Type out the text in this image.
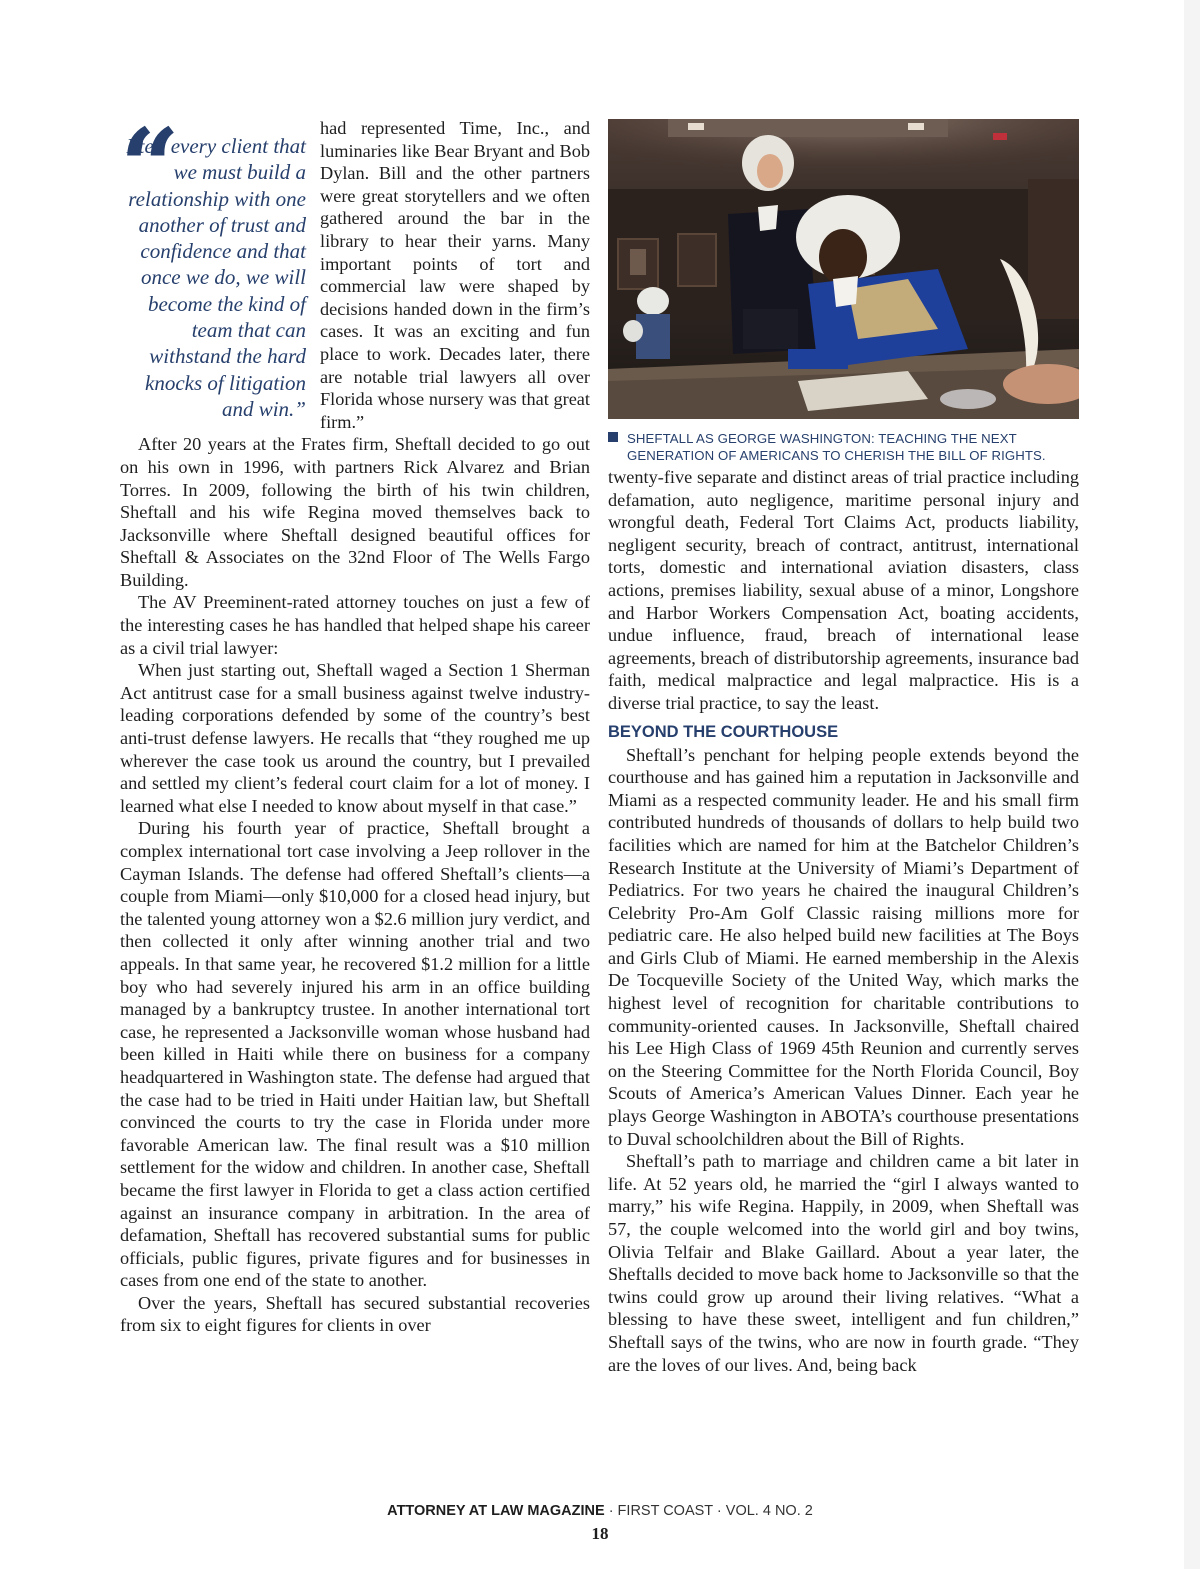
“

I tell every client that we must build a relationship with one another of trust and confidence and that once we do, we will become the kind of team that can withstand the hard knocks of litigation and win.”

had represented Time, Inc., and luminaries like Bear Bryant and Bob Dylan. Bill and the other partners were great storytellers and we often gathered around the bar in the library to hear their yarns. Many important points of tort and commercial law were shaped by decisions handed down in the firm’s cases. It was an exciting and fun place to work. Decades later, there are notable trial lawyers all over Florida whose nursery was that great firm.”

After 20 years at the Frates firm, Sheftall decided to go out on his own in 1996, with partners Rick Alvarez and Brian Torres. In 2009, following the birth of his twin children, Sheftall and his wife Regina moved themselves back to Jacksonville where Sheftall designed beautiful offices for Sheftall & Associates on the 32nd Floor of The Wells Fargo Building.

The AV Preeminent-rated attorney touches on just a few of the interesting cases he has handled that helped shape his career as a civil trial lawyer:

When just starting out, Sheftall waged a Section 1 Sherman Act antitrust case for a small business against twelve industry-leading corporations defended by some of the country’s best anti-trust defense lawyers. He recalls that “they roughed me up wherever the case took us around the country, but I prevailed and settled my client’s federal court claim for a lot of money. I learned what else I needed to know about myself in that case.”

During his fourth year of practice, Sheftall brought a complex international tort case involving a Jeep rollover in the Cayman Islands. The defense had offered Sheftall’s clients—a couple from Miami—only $10,000 for a closed head injury, but the talented young attorney won a $2.6 million jury verdict, and then collected it only after winning another trial and two appeals. In that same year, he recovered $1.2 million for a little boy who had severely injured his arm in an office building managed by a bankruptcy trustee. In another international tort case, he represented a Jacksonville woman whose husband had been killed in Haiti while there on business for a company headquartered in Washington state. The defense had argued that the case had to be tried in Haiti under Haitian law, but Sheftall convinced the courts to try the case in Florida under more favorable American law. The final result was a $10 million settlement for the widow and children. In another case, Sheftall became the first lawyer in Florida to get a class action certified against an insurance company in arbitration. In the area of defamation, Sheftall has recovered substantial sums for public officials, public figures, private figures and for businesses in cases from one end of the state to another.

Over the years, Sheftall has secured substantial recoveries from six to eight figures for clients in over

SHEFTALL AS GEORGE WASHINGTON: TEACHING THE NEXT GENERATION OF AMERICANS TO CHERISH THE BILL OF RIGHTS.

twenty-five separate and distinct areas of trial practice including defamation, auto negligence, maritime personal injury and wrongful death, Federal Tort Claims Act, products liability, negligent security, breach of contract, antitrust, international torts, domestic and international aviation disasters, class actions, premises liability, sexual abuse of a minor, Longshore and Harbor Workers Compensation Act, boating accidents, undue influence, fraud, breach of international lease agreements, breach of distributorship agreements, insurance bad faith, medical malpractice and legal malpractice. His is a diverse trial practice, to say the least.

BEYOND THE COURTHOUSE

Sheftall’s penchant for helping people extends beyond the courthouse and has gained him a reputation in Jacksonville and Miami as a respected community leader. He and his small firm contributed hundreds of thousands of dollars to help build two facilities which are named for him at the Batchelor Children’s Research Institute at the University of Miami’s Department of Pediatrics. For two years he chaired the inaugural Children’s Celebrity Pro-Am Golf Classic raising millions more for pediatric care. He also helped build new facilities at The Boys and Girls Club of Miami. He earned membership in the Alexis De Tocqueville Society of the United Way, which marks the highest level of recognition for charitable contributions to community-oriented causes. In Jacksonville, Sheftall chaired his Lee High Class of 1969 45th Reunion and currently serves on the Steering Committee for the North Florida Council, Boy Scouts of America’s American Values Dinner. Each year he plays George Washington in ABOTA’s courthouse presentations to Duval schoolchildren about the Bill of Rights.

Sheftall’s path to marriage and children came a bit later in life. At 52 years old, he married the “girl I always wanted to marry,” his wife Regina. Happily, in 2009, when Sheftall was 57, the couple welcomed into the world girl and boy twins, Olivia Telfair and Blake Gaillard. About a year later, the Sheftalls decided to move back home to Jacksonville so that the twins could grow up around their living relatives. “What a blessing to have these sweet, intelligent and fun children,” Sheftall says of the twins, who are now in fourth grade. “They are the loves of our lives. And, being back

ATTORNEY AT LAW MAGAZINE · FIRST COAST · VOL. 4 NO. 2
18
